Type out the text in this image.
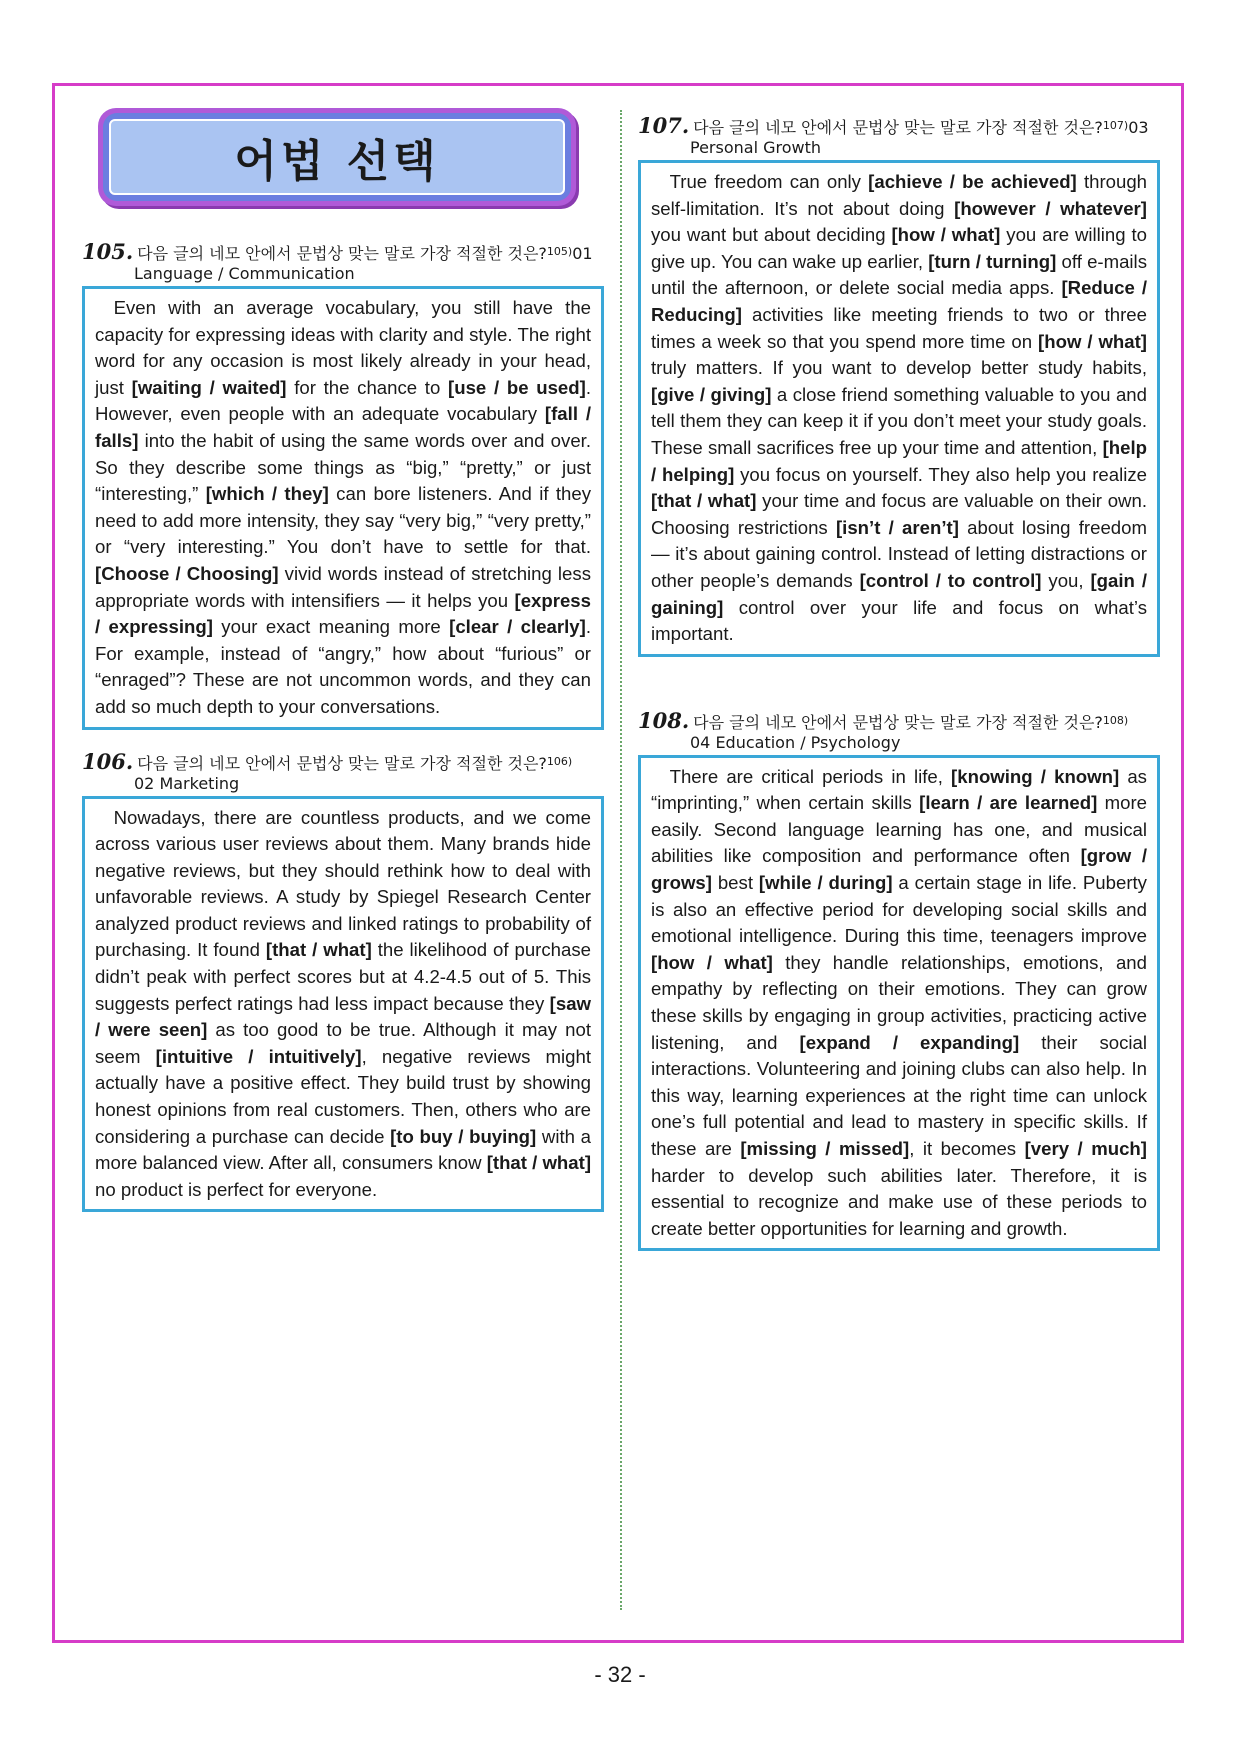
어법 선택
105. 다음 글의 네모 안에서 문법상 맞는 말로 가장 적절한 것은?$^{105)}$01
Language / Communication
 Even with an average vocabulary, you still have the capacity for expressing ideas with clarity and style. The right word for any occasion is most likely already in your head, just [waiting / waited] for the chance to [use / be used]. However, even people with an adequate vocabulary [fall / falls] into the habit of using the same words over and over. So they describe some things as “big,” “pretty,” or just “interesting,” [which / they] can bore listeners. And if they need to add more intensity, they say “very big,” “very pretty,” or “very interesting.” You don’t have to settle for that. [Choose / Choosing] vivid words instead of stretching less appropriate words with intensifiers — it helps you [express / expressing] your exact meaning more [clear / clearly]. For example, instead of “angry,” how about “furious” or “enraged”? These are not uncommon words, and they can add so much depth to your conversations.
106. 다음 글의 네모 안에서 문법상 맞는 말로 가장 적절한 것은?$^{106)}$
02 Marketing
 Nowadays, there are countless products, and we come across various user reviews about them. Many brands hide negative reviews, but they should rethink how to deal with unfavorable reviews. A study by Spiegel Research Center analyzed product reviews and linked ratings to probability of purchasing. It found [that / what] the likelihood of purchase didn’t peak with perfect scores but at 4.2-4.5 out of 5. This suggests perfect ratings had less impact because they [saw / were seen] as too good to be true. Although it may not seem [intuitive / intuitively], negative reviews might actually have a positive effect. They build trust by showing honest opinions from real customers. Then, others who are considering a purchase can decide [to buy / buying] with a more balanced view. After all, consumers know [that / what] no product is perfect for everyone.
107. 다음 글의 네모 안에서 문법상 맞는 말로 가장 적절한 것은?$^{107)}$03
Personal Growth
 True freedom can only [achieve / be achieved] through self-limitation. It’s not about doing [however / whatever] you want but about deciding [how / what] you are willing to give up. You can wake up earlier, [turn / turning] off e-mails until the afternoon, or delete social media apps. [Reduce / Reducing] activities like meeting friends to two or three times a week so that you spend more time on [how / what] truly matters. If you want to develop better study habits, [give / giving] a close friend something valuable to you and tell them they can keep it if you don’t meet your study goals. These small sacrifices free up your time and attention, [help / helping] you focus on yourself. They also help you realize [that / what] your time and focus are valuable on their own. Choosing restrictions [isn’t / aren’t] about losing freedom — it’s about gaining control. Instead of letting distractions or other people’s demands [control / to control] you, [gain / gaining] control over your life and focus on what’s important.
108. 다음 글의 네모 안에서 문법상 맞는 말로 가장 적절한 것은?$^{108)}$
04 Education / Psychology
 There are critical periods in life, [knowing / known] as “imprinting,” when certain skills [learn / are learned] more easily. Second language learning has one, and musical abilities like composition and performance often [grow / grows] best [while / during] a certain stage in life. Puberty is also an effective period for developing social skills and emotional intelligence. During this time, teenagers improve [how / what] they handle relationships, emotions, and empathy by reflecting on their emotions. They can grow these skills by engaging in group activities, practicing active listening, and [expand / expanding] their social interactions. Volunteering and joining clubs can also help. In this way, learning experiences at the right time can unlock one’s full potential and lead to mastery in specific skills. If these are [missing / missed], it becomes [very / much] harder to develop such abilities later. Therefore, it is essential to recognize and make use of these periods to create better opportunities for learning and growth.
- 32 -
